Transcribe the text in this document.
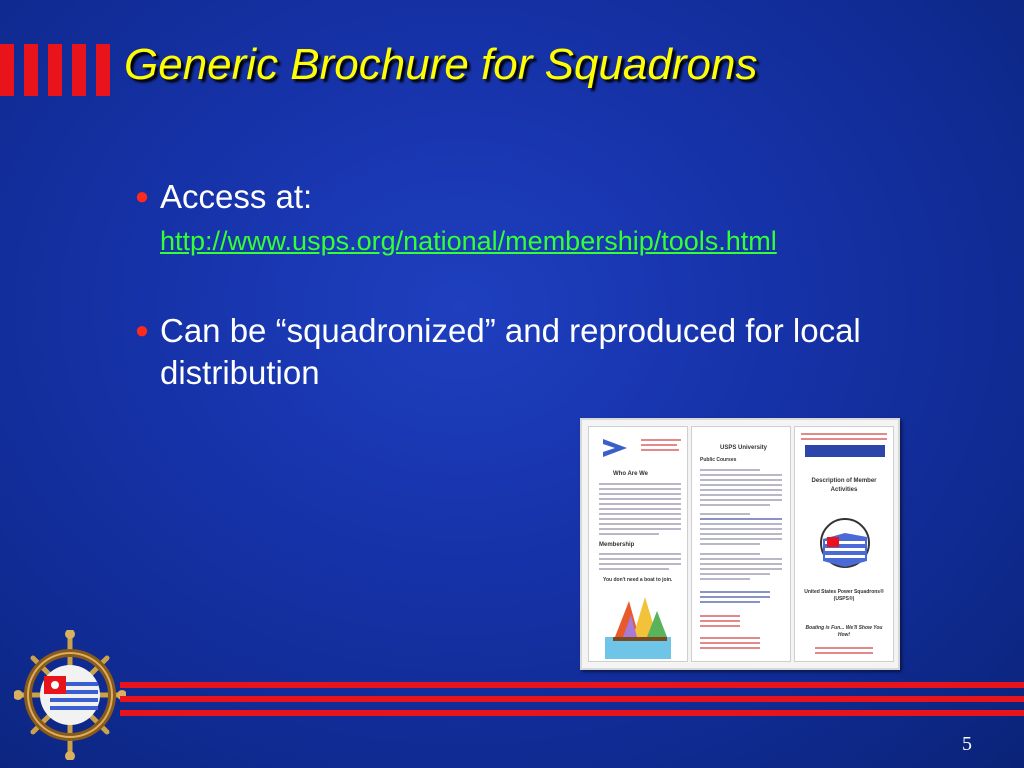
Generic Brochure for Squadrons
● Access at:
http://www.usps.org/national/membership/tools.html
● Can be “squadronized” and reproduced for local distribution
Who Are We
Membership
You don't need a boat to join.
USPS University
Public Courses
Description of Member Activities
United States Power Squadrons® (USPS®)
Boating is Fun... We'll Show You How!
5
